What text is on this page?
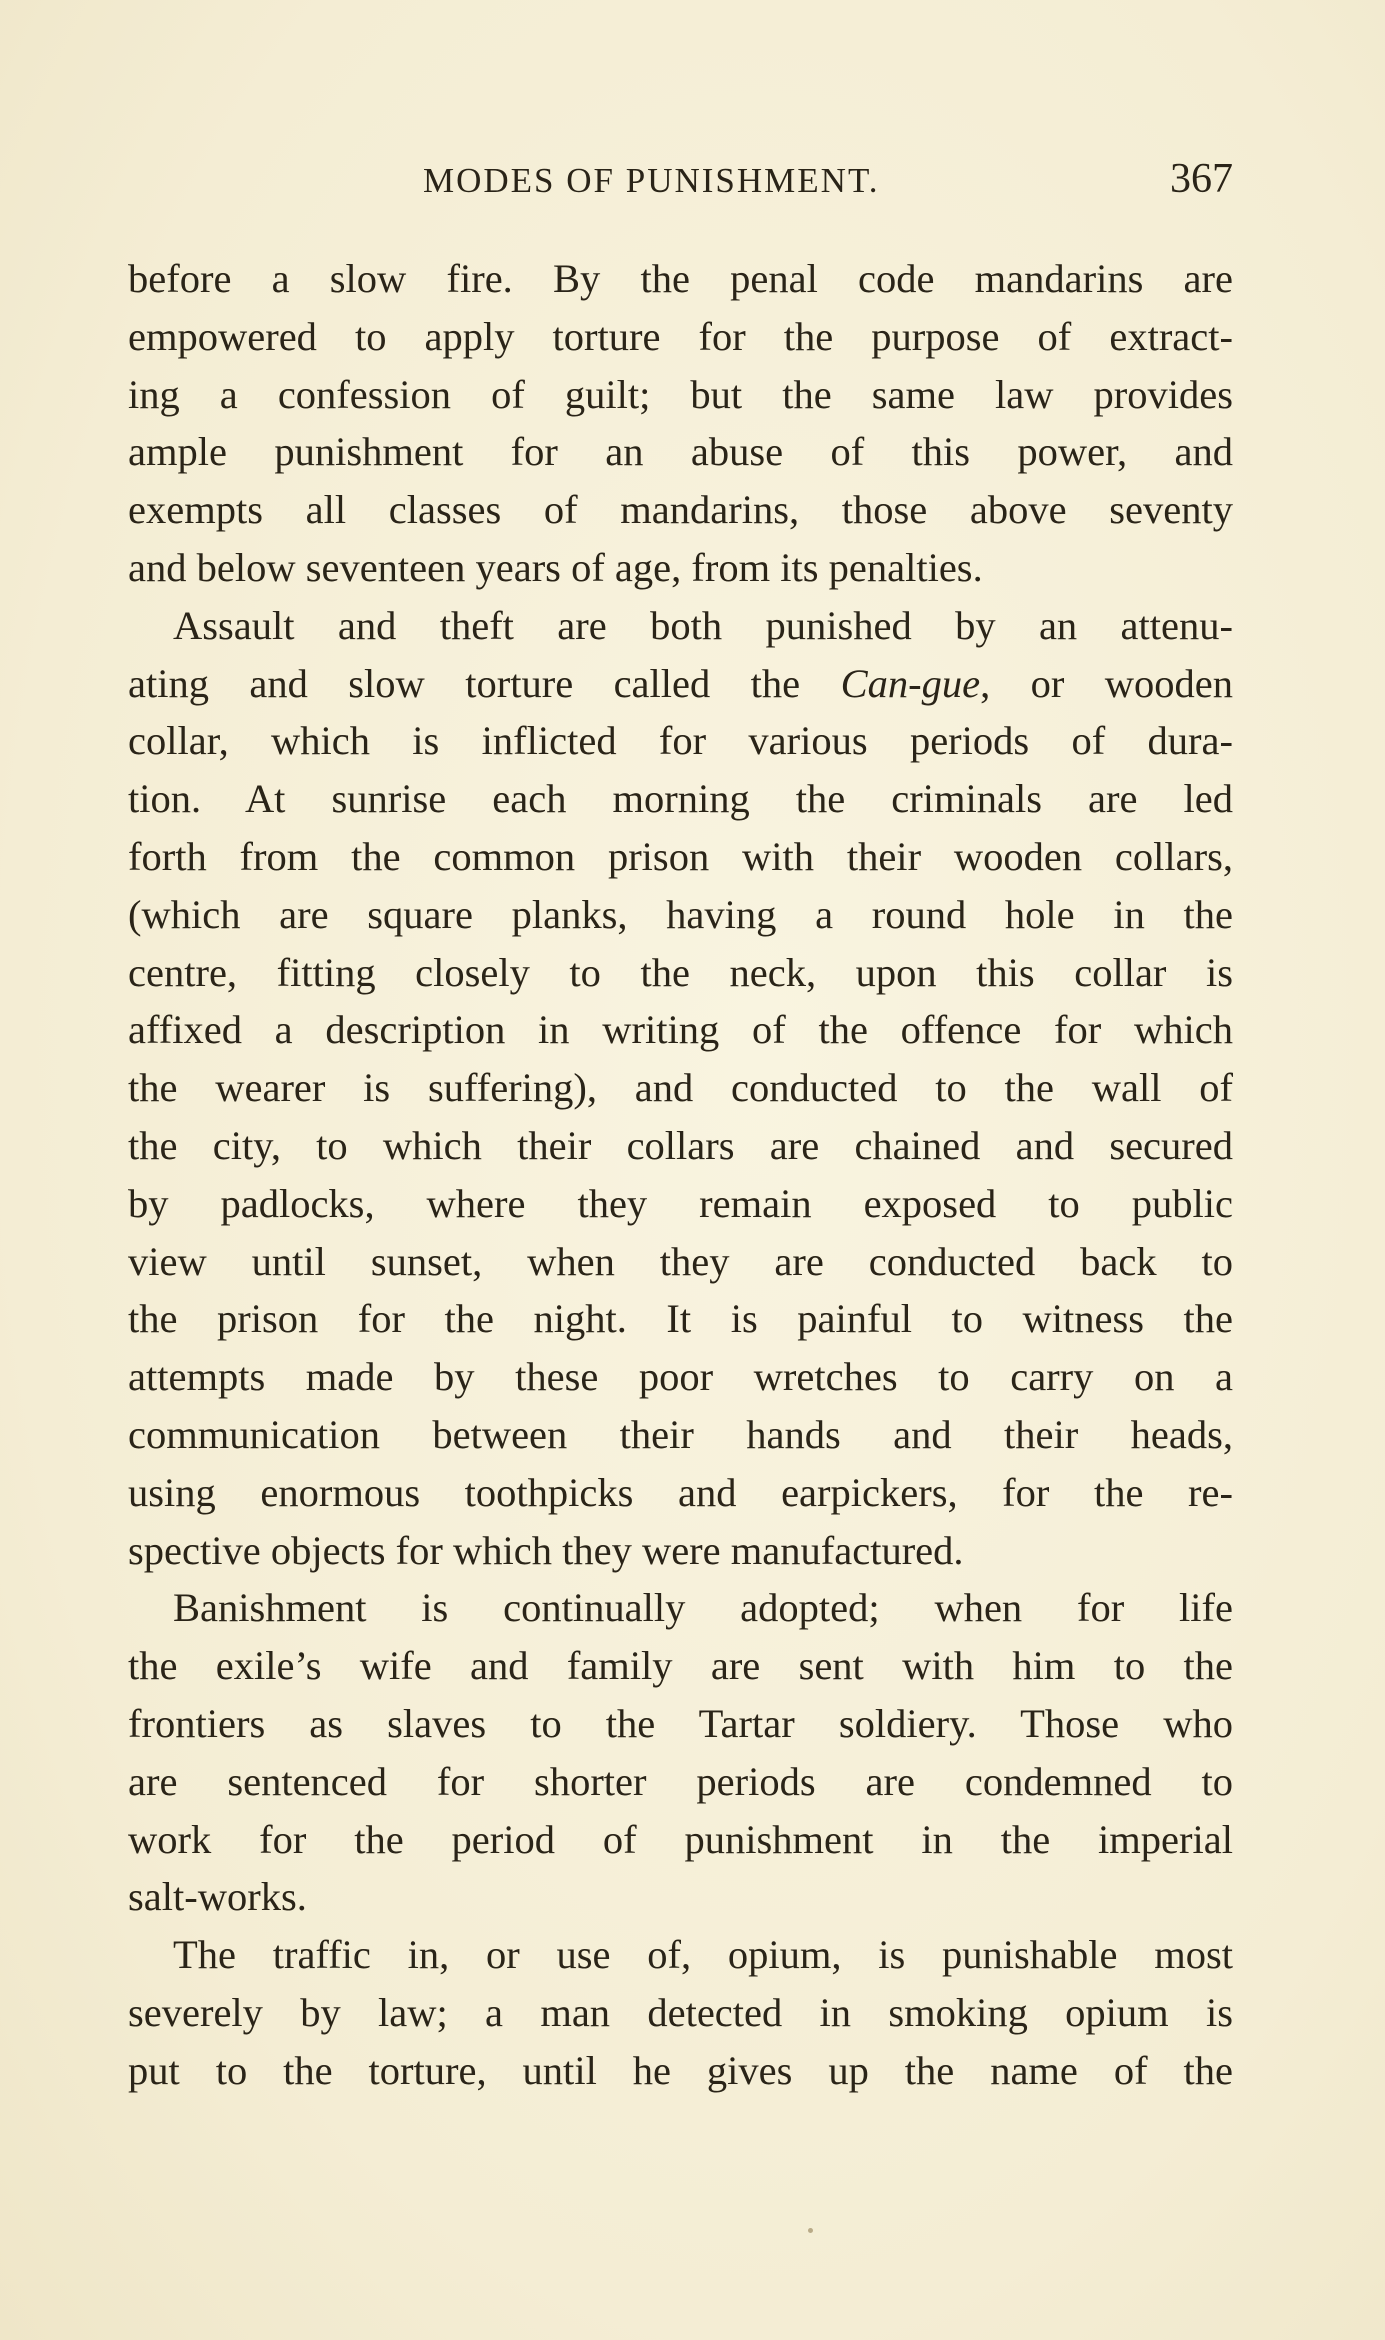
MODES OF PUNISHMENT.	367
before a slow fire. By the penal code mandarins are
empowered to apply torture for the purpose of extract-
ing a confession of guilt; but the same law provides
ample punishment for an abuse of this power, and
exempts all classes of mandarins, those above seventy
and below seventeen years of age, from its penalties.
Assault and theft are both punished by an attenu-
ating and slow torture called the Can-gue, or wooden
collar, which is inflicted for various periods of dura-
tion. At sunrise each morning the criminals are led
forth from the common prison with their wooden collars,
(which are square planks, having a round hole in the
centre, fitting closely to the neck, upon this collar is
affixed a description in writing of the offence for which
the wearer is suffering), and conducted to the wall of
the city, to which their collars are chained and secured
by padlocks, where they remain exposed to public
view until sunset, when they are conducted back to
the prison for the night. It is painful to witness the
attempts made by these poor wretches to carry on a
communication between their hands and their heads,
using enormous toothpicks and earpickers, for the re-
spective objects for which they were manufactured.
Banishment is continually adopted; when for life
the exile’s wife and family are sent with him to the
frontiers as slaves to the Tartar soldiery. Those who
are sentenced for shorter periods are condemned to
work for the period of punishment in the imperial
salt-works.
The traffic in, or use of, opium, is punishable most
severely by law; a man detected in smoking opium is
put to the torture, until he gives up the name of the
